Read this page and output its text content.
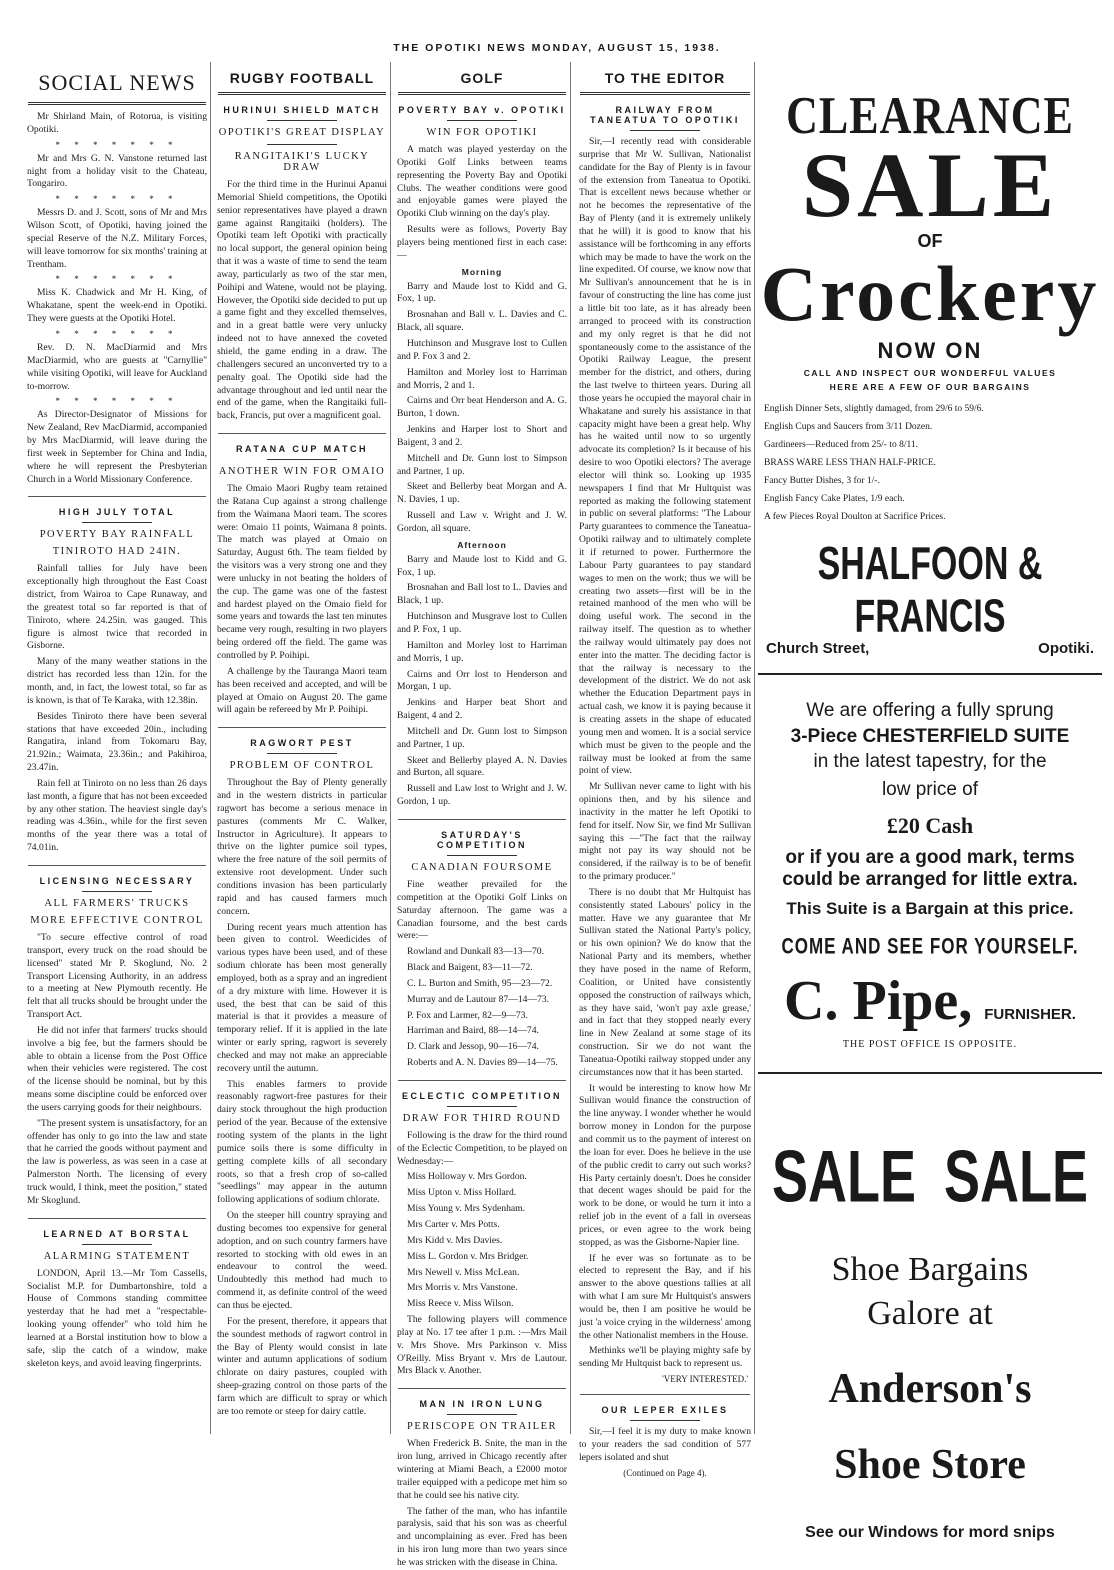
THE OPOTIKI NEWS MONDAY, AUGUST 15, 1938.
SOCIAL NEWS

Mr Shirland Main, of Rotorua, is visiting Opotiki.

* * * * * * *

Mr and Mrs G. N. Vanstone returned last night from a holiday visit to the Chateau, Tongariro.

* * * * * * *

Messrs D. and J. Scott, sons of Mr and Mrs Wilson Scott, of Opotiki, having joined the special Reserve of the N.Z. Military Forces, will leave tomorrow for six months' training at Trentham.

* * * * * * *

Miss K. Chadwick and Mr H. King, of Whakatane, spent the week-end in Opotiki. They were guests at the Opotiki Hotel.

* * * * * * *

Rev. D. N. MacDiarmid and Mrs MacDiarmid, who are guests at "Carnyllie" while visiting Opotiki, will leave for Auckland to-morrow.

* * * * * * *

As Director-Designator of Missions for New Zealand, Rev MacDiarmid, accompanied by Mrs MacDiarmid, will leave during the first week in September for China and India, where he will represent the Presbyterian Church in a World Missionary Conference.

HIGH JULY TOTAL
POVERTY BAY RAINFALL
TINIROTO HAD 24IN.

Rainfall tallies for July have been exceptionally high throughout the East Coast district, from Wairoa to Cape Runaway, and the greatest total so far reported is that of Tiniroto, where 24.25in. was gauged. This figure is almost twice that recorded in Gisborne.

Many of the many weather stations in the district has recorded less than 12in. for the month, and, in fact, the lowest total, so far as is known, is that of Te Karaka, with 12.38in.

Besides Tiniroto there have been several stations that have exceeded 20in., including Rangatira, inland from Tokomaru Bay, 21.92in.; Waimata, 23.36in.; and Pakihiroa, 23.47in.

Rain fell at Tiniroto on no less than 26 days last month, a figure that has not been exceeded by any other station. The heaviest single day's reading was 4.36in., while for the first seven months of the year there was a total of 74.01in.

LICENSING NECESSARY
ALL FARMERS' TRUCKS
MORE EFFECTIVE CONTROL

"To secure effective control of road transport, every truck on the road should be licensed" stated Mr P. Skoglund, No. 2 Transport Licensing Authority, in an address to a meeting at New Plymouth recently. He felt that all trucks should be brought under the Transport Act.

He did not infer that farmers' trucks should involve a big fee, but the farmers should be able to obtain a license from the Post Office when their vehicles were registered. The cost of the license should be nominal, but by this means some discipline could be enforced over the users carrying goods for their neighbours.

"The present system is unsatisfactory, for an offender has only to go into the law and state that he carried the goods without payment and the law is powerless, as was seen in a case at Palmerston North. The licensing of every truck would, I think, meet the position," stated Mr Skoglund.

LEARNED AT BORSTAL
ALARMING STATEMENT

LONDON, April 13.—Mr Tom Cassells, Socialist M.P. for Dumbartonshire, told a House of Commons standing committee yesterday that he had met a "respectable-looking young offender" who told him he learned at a Borstal institution how to blow a safe, slip the catch of a window, make skeleton keys, and avoid leaving fingerprints.

RUGBY FOOTBALL
HURINUI SHIELD MATCH
OPOTIKI'S GREAT DISPLAY
RANGITAIKI'S LUCKY DRAW

For the third time in the Hurinui Apanui Memorial Shield competitions, the Opotiki senior representatives have played a drawn game against Rangitaiki (holders). The Opotiki team left Opotiki with practically no local support, the general opinion being that it was a waste of time to send the team away, particularly as two of the star men, Poihipi and Watene, would not be playing. However, the Opotiki side decided to put up a game fight and they excelled themselves, and in a great battle were very unlucky indeed not to have annexed the coveted shield, the game ending in a draw. The challengers secured an unconverted try to a penalty goal. The Opotiki side had the advantage throughout and led until near the end of the game, when the Rangitaiki full-back, Francis, put over a magnificent goal.

RATANA CUP MATCH
ANOTHER WIN FOR OMAIO

The Omaio Maori Rugby team retained the Ratana Cup against a strong challenge from the Waimana Maori team. The scores were: Omaio 11 points, Waimana 8 points. The match was played at Omaio on Saturday, August 6th. The team fielded by the visitors was a very strong one and they were unlucky in not beating the holders of the cup. The game was one of the fastest and hardest played on the Omaio field for some years and towards the last ten minutes became very rough, resulting in two players being ordered off the field. The game was controlled by P. Poihipi.

A challenge by the Tauranga Maori team has been received and accepted, and will be played at Omaio on August 20. The game will again be refereed by Mr P. Poihipi.

RAGWORT PEST
PROBLEM OF CONTROL

Throughout the Bay of Plenty generally and in the western districts in particular ragwort has become a serious menace in pastures (comments Mr C. Walker, Instructor in Agriculture). It appears to thrive on the lighter pumice soil types, where the free nature of the soil permits of extensive root development. Under such conditions invasion has been particularly rapid and has caused farmers much concern.

During recent years much attention has been given to control. Weedicides of various types have been used, and of these sodium chlorate has been most generally employed, both as a spray and an ingredient of a dry mixture with lime. However it is used, the best that can be said of this material is that it provides a measure of temporary relief. If it is applied in the late winter or early spring, ragwort is severely checked and may not make an appreciable recovery until the autumn.

This enables farmers to provide reasonably ragwort-free pastures for their dairy stock throughout the high production period of the year. Because of the extensive rooting system of the plants in the light pumice soils there is some difficulty in getting complete kills of all secondary roots, so that a fresh crop of so-called "seedlings" may appear in the autumn following applications of sodium chlorate.

On the steeper hill country spraying and dusting becomes too expensive for general adoption, and on such country farmers have resorted to stocking with old ewes in an endeavour to control the weed. Undoubtedly this method had much to commend it, as definite control of the weed can thus be ejected.

For the present, therefore, it appears that the soundest methods of ragwort control in the Bay of Plenty would consist in late winter and autumn applications of sodium chlorate on dairy pastures, coupled with sheep-grazing control on those parts of the farm which are difficult to spray or which are too remote or steep for dairy cattle.

GOLF
POVERTY BAY v. OPOTIKI
WIN FOR OPOTIKI

A match was played yesterday on the Opotiki Golf Links between teams representing the Poverty Bay and Opotiki Clubs. The weather conditions were good and enjoyable games were played the Opotiki Club winning on the day's play.

Results were as follows, Poverty Bay players being mentioned first in each case:—

Morning

Barry and Maude lost to Kidd and G. Fox, 1 up.

Brosnahan and Ball v. L. Davies and C. Black, all square.

Hutchinson and Musgrave lost to Cullen and P. Fox 3 and 2.

Hamilton and Morley lost to Harriman and Morris, 2 and 1.

Cairns and Orr beat Henderson and A. G. Burton, 1 down.

Jenkins and Harper lost to Short and Baigent, 3 and 2.

Mitchell and Dr. Gunn lost to Simpson and Partner, 1 up.

Skeet and Bellerby beat Morgan and A. N. Davies, 1 up.

Russell and Law v. Wright and J. W. Gordon, all square.

Afternoon

Barry and Maude lost to Kidd and G. Fox, 1 up.

Brosnahan and Ball lost to L. Davies and Black, 1 up.

Hutchinson and Musgrave lost to Cullen and P. Fox, 1 up.

Hamilton and Morley lost to Harriman and Morris, 1 up.

Cairns and Orr lost to Henderson and Morgan, 1 up.

Jenkins and Harper beat Short and Baigent, 4 and 2.

Mitchell and Dr. Gunn lost to Simpson and Partner, 1 up.

Skeet and Bellerby played A. N. Davies and Burton, all square.

Russell and Law lost to Wright and J. W. Gordon, 1 up.

SATURDAY'S COMPETITION
CANADIAN FOURSOME

Fine weather prevailed for the competition at the Opotiki Golf Links on Saturday afternoon. The game was a Canadian foursome, and the best cards were:—

Rowland and Dunkall 83—13—70.

Black and Baigent, 83—11—72.

C. L. Burton and Smith, 95—23—72.

Murray and de Lautour 87—14—73.

P. Fox and Larmer, 82—9—73.

Harriman and Baird, 88—14—74.

D. Clark and Jessop, 90—16—74.

Roberts and A. N. Davies 89—14—75.

ECLECTIC COMPETITION
DRAW FOR THIRD ROUND

Following is the draw for the third round of the Eclectic Competition, to be played on Wednesday:—

Miss Holloway v. Mrs Gordon.

Miss Upton v. Miss Hollard.

Miss Young v. Mrs Sydenham.

Mrs Carter v. Mrs Potts.

Mrs Kidd v. Mrs Davies.

Miss L. Gordon v. Mrs Bridger.

Mrs Newell v. Miss McLean.

Mrs Morris v. Mrs Vanstone.

Miss Reece v. Miss Wilson.

The following players will commence play at No. 17 tee after 1 p.m. :—Mrs Mail v. Mrs Shove. Mrs Parkinson v. Miss O'Reilly. Miss Bryant v. Mrs de Lautour. Mrs Black v. Another.

MAN IN IRON LUNG
PERISCOPE ON TRAILER

When Frederick B. Snite, the man in the iron lung, arrived in Chicago recently after wintering at Miami Beach, a £2000 motor trailer equipped with a pedicope met him so that he could see his native city.

The father of the man, who has infantile paralysis, said that his son was as cheerful and uncomplaining as ever. Fred has been in his iron lung more than two years since he was stricken with the disease in China.

TO THE EDITOR
RAILWAY FROM TANEATUA TO OPOTIKI

Sir,—I recently read with considerable surprise that Mr W. Sullivan, Nationalist candidate for the Bay of Plenty is in favour of the extension from Taneatua to Opotiki. That is excellent news because whether or not he becomes the representative of the Bay of Plenty (and it is extremely unlikely that he will) it is good to know that his assistance will be forthcoming in any efforts which may be made to have the work on the line expedited. Of course, we know now that Mr Sullivan's announcement that he is in favour of constructing the line has come just a little bit too late, as it has already been arranged to proceed with its construction and my only regret is that he did not spontaneously come to the assistance of the Opotiki Railway League, the present member for the district, and others, during the last twelve to thirteen years. During all those years he occupied the mayoral chair in Whakatane and surely his assistance in that capacity might have been a great help. Why has he waited until now to so urgently advocate its completion? Is it because of his desire to woo Opotiki electors? The average elector will think so. Looking up 1935 newspapers I find that Mr Hultquist was reported as making the following statement in public on several platforms: "The Labour Party guarantees to commence the Taneatua-Opotiki railway and to ultimately complete it if returned to power. Furthermore the Labour Party guarantees to pay standard wages to men on the work; thus we will be creating two assets—first will be in the retained manhood of the men who will be doing useful work. The second in the railway itself. The question as to whether the railway would ultimately pay does not enter into the matter. The deciding factor is that the railway is necessary to the development of the district. We do not ask whether the Education Department pays in actual cash, we know it is paying because it is creating assets in the shape of educated young men and women. It is a social service which must be given to the people and the railway must be looked at from the same point of view.

Mr Sullivan never came to light with his opinions then, and by his silence and inactivity in the matter he left Opotiki to fend for itself. Now Sir, we find Mr Sullivan saying this —"The fact that the railway might not pay its way should not be considered, if the railway is to be of benefit to the primary producer."

There is no doubt that Mr Hultquist has consistently stated Labours' policy in the matter. Have we any guarantee that Mr Sullivan stated the National Party's policy, or his own opinion? We do know that the National Party and its members, whether they have posed in the name of Reform, Coalition, or United have consistently opposed the construction of railways which, as they have said, 'won't pay axle grease,' and in fact that they stopped nearly every line in New Zealand at some stage of its construction. Sir we do not want the Taneatua-Opotiki railway stopped under any circumstances now that it has been started.

It would be interesting to know how Mr Sullivan would finance the construction of the line anyway. I wonder whether he would borrow money in London for the purpose and commit us to the payment of interest on the loan for ever. Does he believe in the use of the public credit to carry out such works? His Party certainly doesn't. Does he consider that decent wages should be paid for the work to be done, or would he turn it into a relief job in the event of a fall in overseas prices, or even agree to the work being stopped, as was the Gisborne-Napier line.

If he ever was so fortunate as to be elected to represent the Bay, and if his answer to the above questions tallies at all with what I am sure Mr Hultquist's answers would be, then I am positive he would be just 'a voice crying in the wilderness' among the other Nationalist members in the House.

Methinks we'll be playing mighty safe by sending Mr Hultquist back to represent us.

'VERY INTERESTED.'
OUR LEPER EXILES

Sir,—I feel it is my duty to make known to your readers the sad condition of 577 lepers isolated and shut

(Continued on Page 4).
CLEARANCE
SALE
OF
Crockery
NOW ON
CALL AND INSPECT OUR WONDERFUL VALUES
HERE ARE A FEW OF OUR BARGAINS
English Dinner Sets, slightly damaged, from 29/6 to 59/6.
English Cups and Saucers from 3/11 Dozen.
Gardineers—Reduced from 25/- to 8/11.
BRASS WARE LESS THAN HALF-PRICE.
Fancy Butter Dishes, 3 for 1/-.
English Fancy Cake Plates, 1/9 each.
A few Pieces Royal Doulton at Sacrifice Prices.
SHALFOON & FRANCIS
Church Street,	Opotiki.
We are offering a fully sprung
3-Piece CHESTERFIELD SUITE
in the latest tapestry, for the
low price of
£20 Cash
or if you are a good mark, terms
could be arranged for little extra.
This Suite is a Bargain at this price.
COME AND SEE FOR YOURSELF.
C. Pipe, FURNISHER.
THE POST OFFICE IS OPPOSITE.
SALE SALE
Shoe Bargains
Galore at
Anderson's
Shoe Store
See our Windows for mord snips
